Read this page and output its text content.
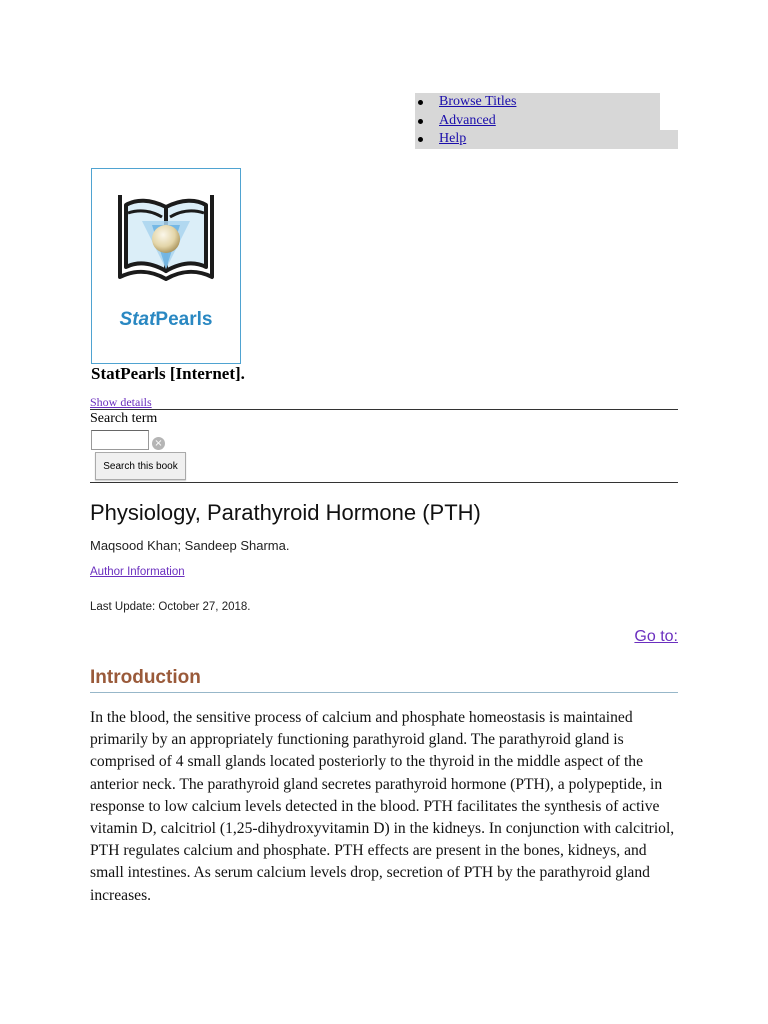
Browse Titles
Advanced
Help
StatPearls
StatPearls [Internet].
Show details
Search term
×
Search this book
Physiology, Parathyroid Hormone (PTH)
Maqsood Khan; Sandeep Sharma.
Author Information
Last Update: October 27, 2018.
Go to:
Introduction

In the blood, the sensitive process of calcium and phosphate homeostasis is maintained primarily by an appropriately functioning parathyroid gland. The parathyroid gland is comprised of 4 small glands located posteriorly to the thyroid in the middle aspect of the anterior neck. The parathyroid gland secretes parathyroid hormone (PTH), a polypeptide, in response to low calcium levels detected in the blood. PTH facilitates the synthesis of active vitamin D, calcitriol (1,25-dihydroxyvitamin D) in the kidneys. In conjunction with calcitriol, PTH regulates calcium and phosphate. PTH effects are present in the bones, kidneys, and small intestines. As serum calcium levels drop, secretion of PTH by the parathyroid gland increases.
